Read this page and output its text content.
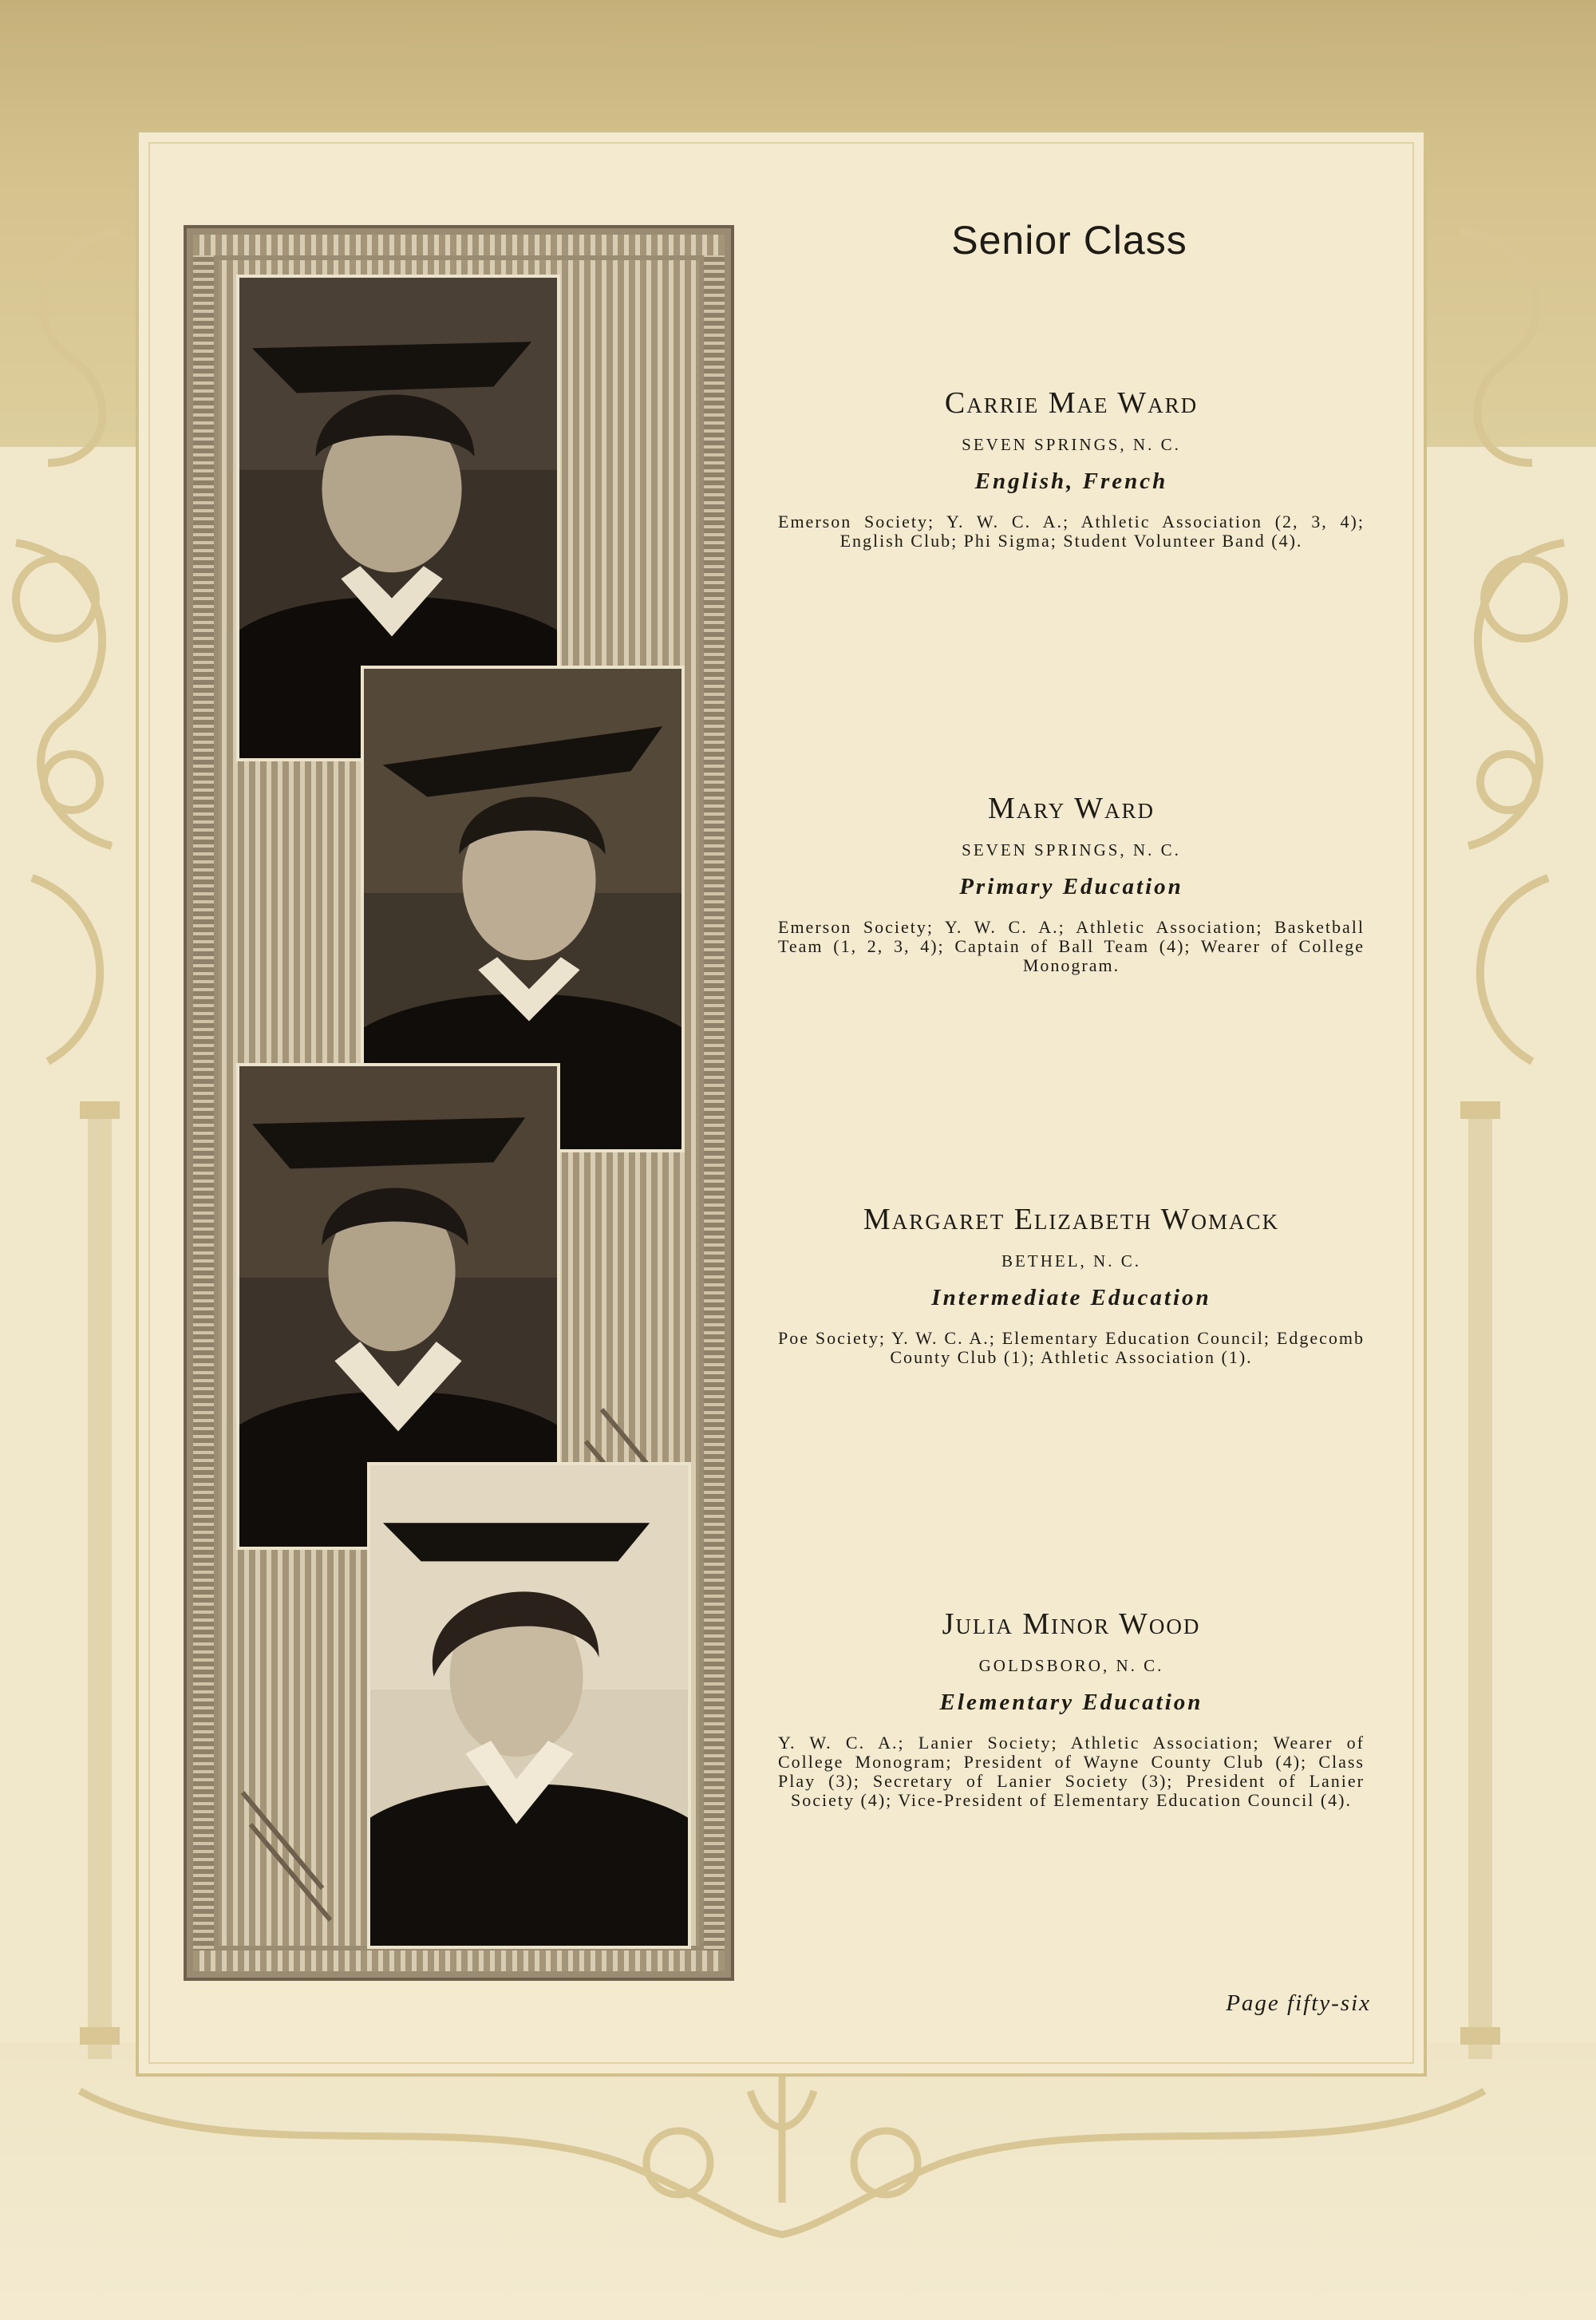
Senior Class
Carrie Mae Ward
SEVEN SPRINGS, N. C.
English, French
Emerson Society; Y. W. C. A.; Athletic Association (2, 3, 4); English Club; Phi Sigma; Student Volunteer Band (4).
Mary Ward
SEVEN SPRINGS, N. C.
Primary Education
Emerson Society; Y. W. C. A.; Athletic Association; Basketball Team (1, 2, 3, 4); Captain of Ball Team (4); Wearer of College Monogram.
Margaret Elizabeth Womack
BETHEL, N. C.
Intermediate Education
Poe Society; Y. W. C. A.; Elementary Education Council; Edgecomb County Club (1); Athletic Association (1).
Julia Minor Wood
GOLDSBORO, N. C.
Elementary Education
Y. W. C. A.; Lanier Society; Athletic Association; Wearer of College Monogram; President of Wayne County Club (4); Class Play (3); Secretary of Lanier Society (3); President of Lanier Society (4); Vice-President of Elementary Education Council (4).
Page fifty-six
